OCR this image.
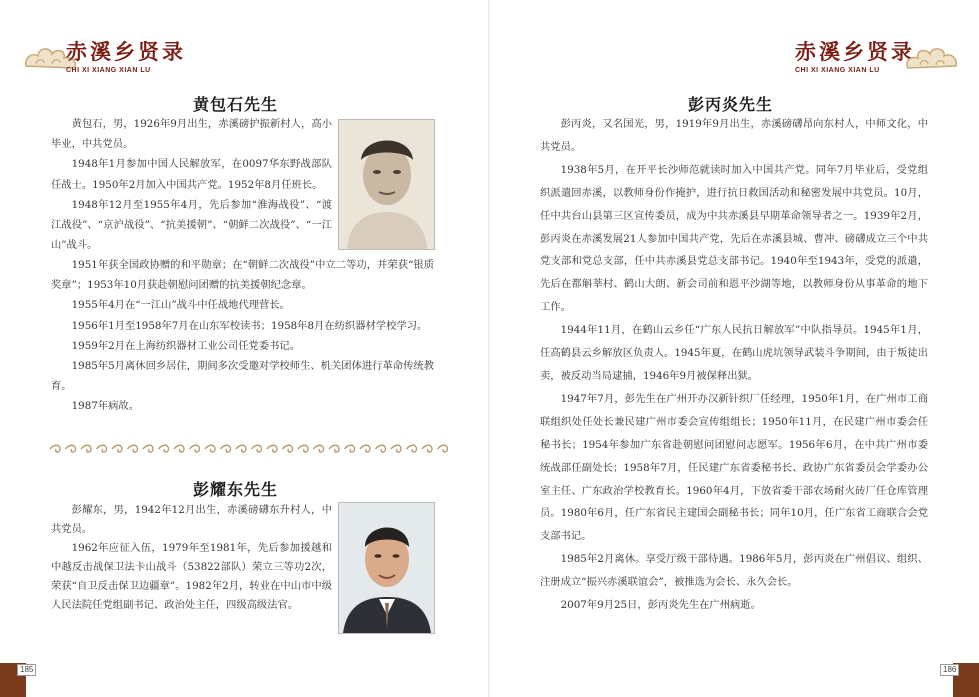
赤溪乡贤录
CHI XI XIANG XIAN LU
黄包石先生

黄包石，男，1926年9月出生，赤溪磅护振新村人，高小毕业，中共党员。

1948年1月参加中国人民解放军，在0097华东野战部队任战士。1950年2月加入中国共产党。1952年8月任班长。

1948年12月至1955年4月，先后参加“淮海战役”、“渡江战役”、“京沪战役”、“抗美援朝”、“朝鲜二次战役”、“一江山”战斗。

1951年获全国政协赠的和平勋章；在“朝鲜二次战役”中立二等功，并荣获“银质奖章”；1953年10月获赴朝慰问团赠的抗美援朝纪念章。

1955年4月在“一江山”战斗中任战地代理营长。

1956年1月至1958年7月在山东军校读书；1958年8月在纺织器材学校学习。

1959年2月在上海纺织器材工业公司任党委书记。

1985年5月离休回乡居住，期间多次受邀对学校师生、机关团体进行革命传统教育。

1987年病故。

彭耀东先生

彭耀东，男，1942年12月出生，赤溪磅礴东升村人，中共党员。

1962年应征入伍，1979年至1981年，先后参加援越和中越反击战保卫法卡山战斗（53822部队）荣立三等功2次，荣获“自卫反击保卫边疆章”。1982年2月，转业在中山市中级人民法院任党组副书记、政治处主任，四级高级法官。

185
赤溪乡贤录
CHI XI XIANG XIAN LU
彭丙炎先生

彭丙炎，又名国光，男，1919年9月出生，赤溪磅礴昂向东村人，中师文化，中共党员。

1938年5月，在开平长沙师范就读时加入中国共产党。同年7月毕业后，受党组织派遣回赤溪，以教师身份作掩护，进行抗日救国活动和秘密发展中共党员。10月，任中共台山县第三区宣传委员，成为中共赤溪县早期革命领导者之一。1939年2月，彭丙炎在赤溪发展21人参加中国共产党，先后在赤溪县城、曹冲、磅礴成立三个中共党支部和党总支部，任中共赤溪县党总支部书记。1940年至1943年，受党的派遣，先后在都斛莘村、鹤山大朗、新会司前和恩平沙湖等地，以教师身份从事革命的地下工作。

1944年11月，在鹤山云乡任“广东人民抗日解放军”中队指导员。1945年1月，任高鹤县云乡解放区负责人。1945年夏，在鹤山虎坑领导武装斗争期间，由于叛徒出卖，被反动当局逮捕，1946年9月被保释出狱。

1947年7月，彭先生在广州开办汉新针织厂任经理，1950年1月，在广州市工商联组织处任处长兼民建广州市委会宣传组组长；1950年11月，在民建广州市委会任秘书长；1954年参加广东省赴朝慰问团慰问志愿军。1956年6月，在中共广州市委统战部任副处长；1958年7月，任民建广东省委秘书长、政协广东省委员会学委办公室主任、广东政治学校教育长。1960年4月，下放省委干部农场耐火砖厂任仓库管理员。1980年6月，任广东省民主建国会副秘书长；同年10月，任广东省工商联合会党支部书记。

1985年2月离休。享受厅级干部待遇。1986年5月，彭丙炎在广州倡议、组织、注册成立“振兴赤溪联谊会”，被推选为会长、永久会长。

2007年9月25日，彭丙炎先生在广州病逝。

186
